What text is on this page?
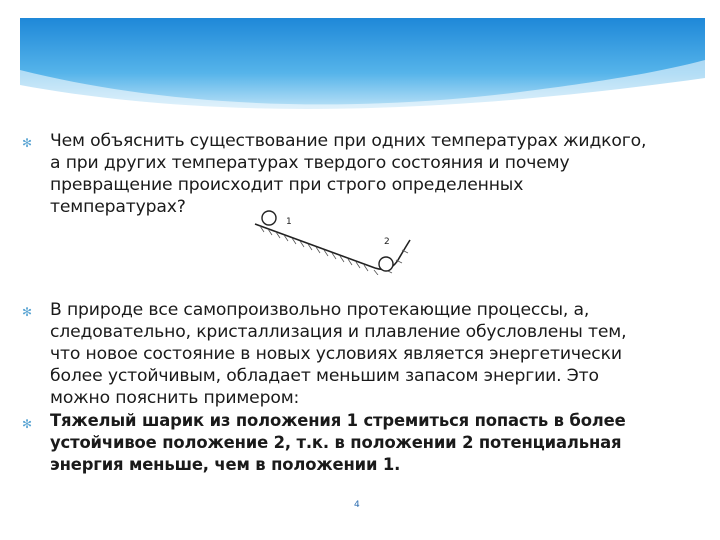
✻ Чем объяснить существование при одних температурах жидкого,
а при других температурах твердого состояния и почему
превращение происходит при строго определенных
температурах?
1
2
✻ В природе все самопроизвольно протекающие процессы, а,
следовательно, кристаллизация и плавление обусловлены тем,
что новое состояние в новых условиях является энергетически
более устойчивым, обладает меньшим запасом энергии. Это
можно пояснить примером:
✻ Тяжелый шарик из положения 1 стремиться попасть в более
устойчивое положение 2, т.к. в положении 2 потенциальная
энергия меньше, чем в положении 1.
4
